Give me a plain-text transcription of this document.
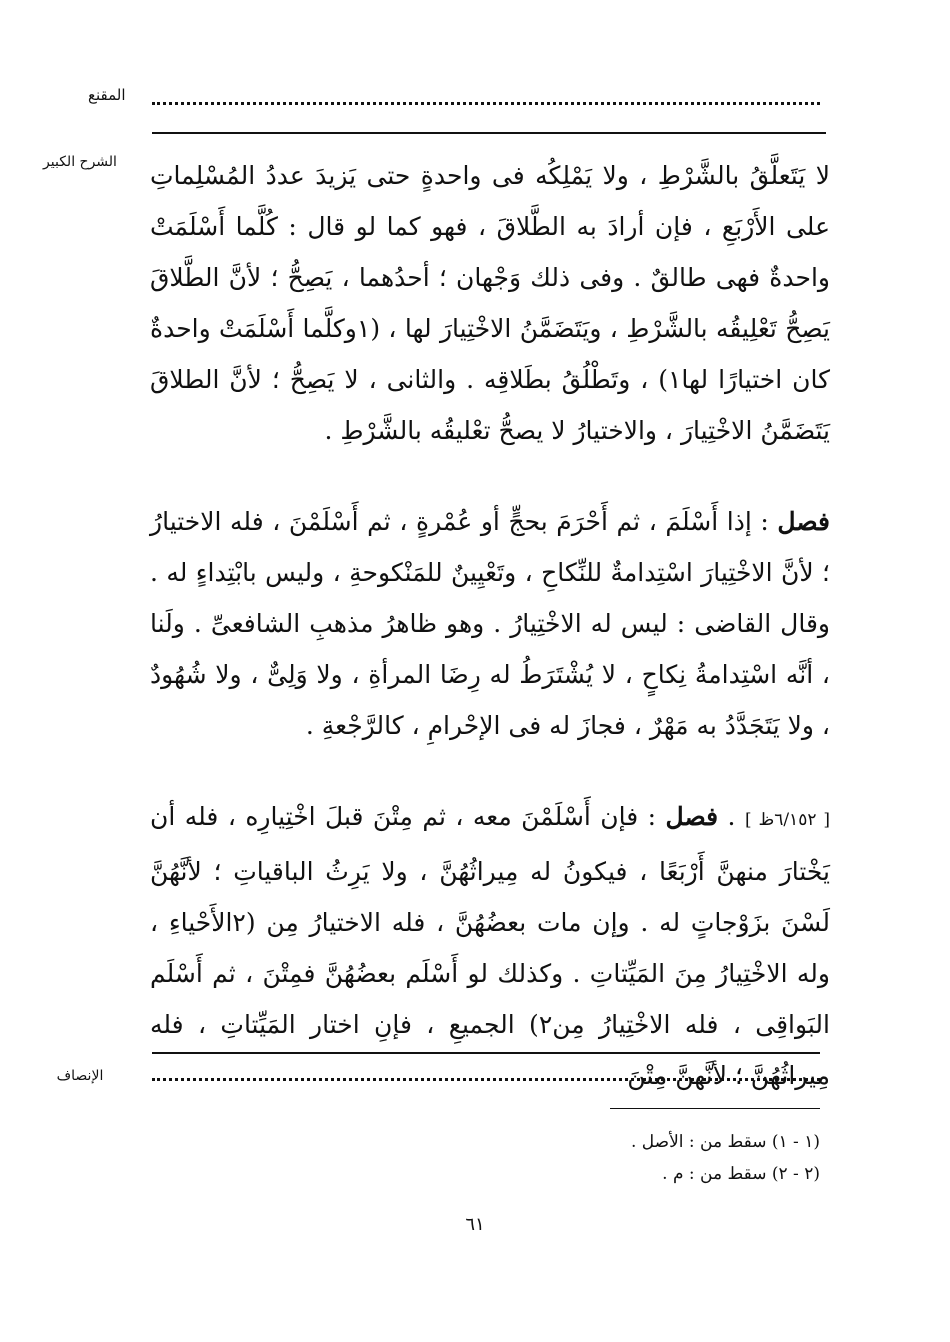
المقنع
الشرح الكبير	لا يَتَعلَّقُ بالشَّرْطِ ، ولا يَمْلِكُه فى واحدةٍ حتى يَزيدَ عددُ المُسْلِماتِ على الأَرْبَعِ ، فإن أرادَ به الطَّلاقَ ، فهو كما لو قال : كُلَّما أَسْلَمَتْ واحدةٌ فهى طالقٌ . وفى ذلك وَجْهان ؛ أحدُهما ، يَصِحُّ ؛ لأنَّ الطَّلاقَ يَصِحُّ تَعْلِيقُه بالشَّرْطِ ، ويَتَضَمَّنُ الاخْتِيارَ لها ، (١وكلَّما أَسْلَمَتْ واحدةٌ كان اختيارًا لها١) ، وتَطْلُقُ بطَلاقِه . والثانى ، لا يَصِحُّ ؛ لأنَّ الطلاقَ يَتَضَمَّنُ الاخْتِيارَ ، والاختيارُ لا يصحُّ تعْليقُه بالشَّرْطِ .
فصل : إذا أَسْلَمَ ، ثم أَحْرَمَ بحجٍّ أو عُمْرةٍ ، ثم أَسْلَمْنَ ، فله الاختيارُ ؛ لأنَّ الاخْتِيارَ اسْتِدامةٌ للنِّكاحِ ، وتَعْيِينٌ للمَنْكوحةِ ، وليس بابْتِداءٍ له . وقال القاضى : ليس له الاخْتِيارُ . وهو ظاهرُ مذهبِ الشافعىِّ . ولَنا ، أنَّه اسْتِدامةُ نِكاحٍ ، لا يُشْتَرَطُ له رِضَا المرأةِ ، ولا وَلِىٌّ ، ولا شُهُودٌ ، ولا يَتَجَدَّدُ به مَهْرٌ ، فجازَ له فى الإحْرامِ ، كالرَّجْعةِ .
[ ٦/١٥٢ظ ] . فصل : فإن أَسْلَمْنَ معه ، ثم مِتْنَ قبلَ اخْتِيارِه ، فله أن يَخْتارَ منهنَّ أَرْبَعًا ، فيكونُ له مِيراثُهُنَّ ، ولا يَرِثُ الباقياتِ ؛ لأنَّهُنَّ لَسْنَ بزَوْجاتٍ له . وإن مات بعضُهُنَّ ، فله الاختيارُ مِن (٢الأَحْياءِ ، وله الاخْتِيارُ مِنَ المَيِّتاتِ . وكذلك لو أَسْلَم بعضُهُنَّ فمِتْنَ ، ثم أَسْلَم البَواقِى ، فله الاخْتِيارُ مِن٢) الجميعِ ، فإنِ اختار المَيِّتاتِ ، فله مِيراثُهُنَّ ؛ لأنَّهنَّ مِتْنَ
الإنصاف
(١ - ١) سقط من : الأصل .
(٢ - ٢) سقط من : م .
٦١
